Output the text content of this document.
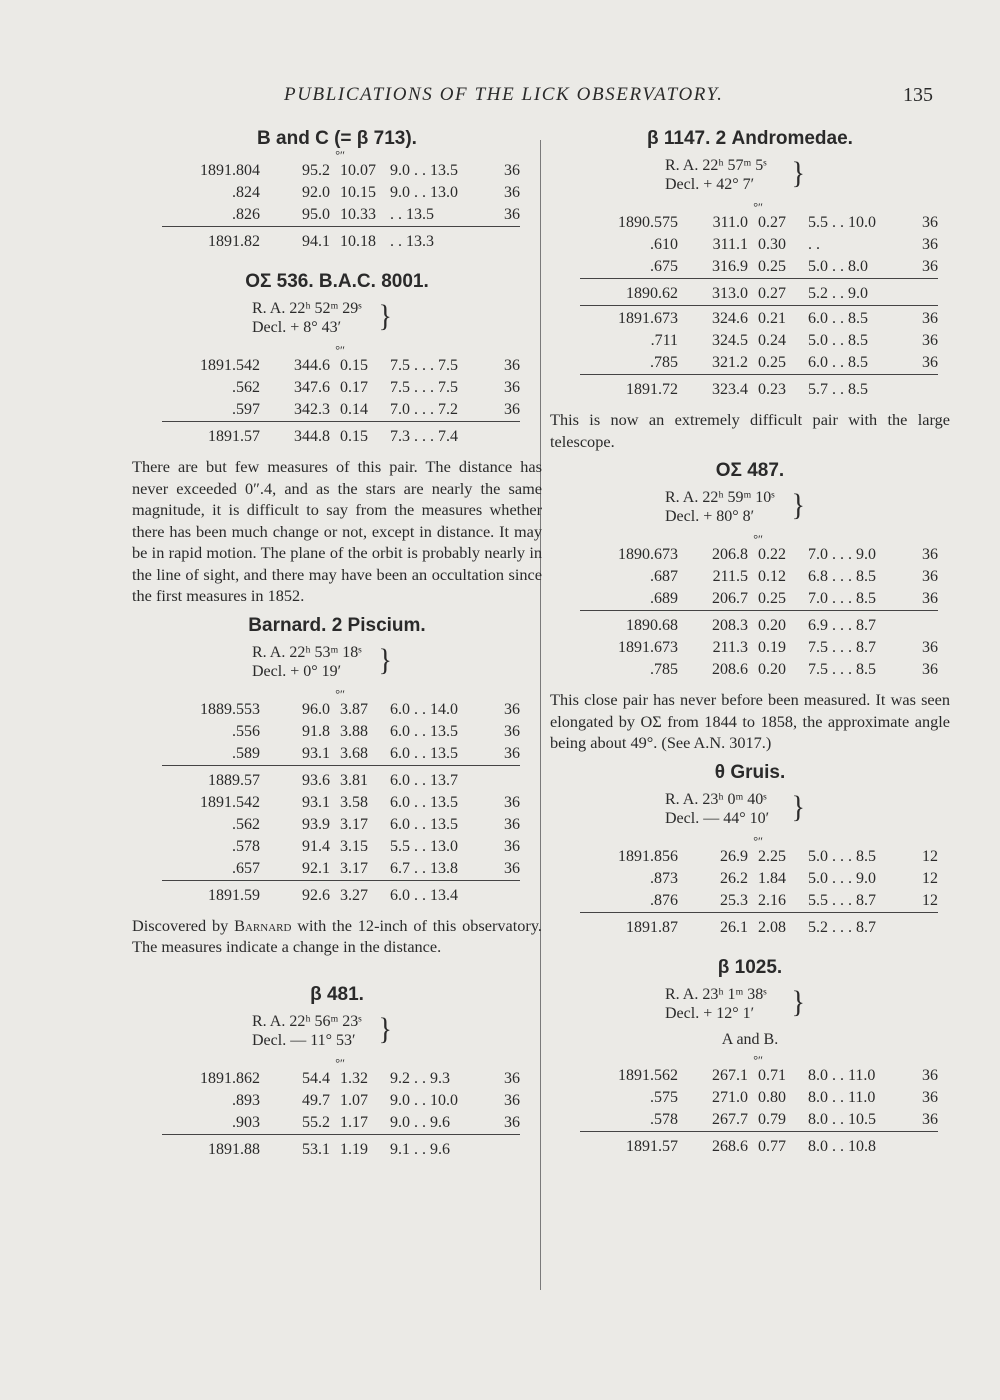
PUBLICATIONS OF THE LICK OBSERVATORY.	135
B and C (= β 713).
	°	″		
1891.804	95.2	10.07	9.0 . . 13.5	36
.824	92.0	10.15	9.0 . . 13.0	36
.826	95.0	10.33	. . 13.5	36

1891.82	94.1	10.18	. . 13.3	
OΣ 536. B.A.C. 8001.
R. A. 22ʰ 52ᵐ 29ˢ
Decl. + 8° 43′	}
	°	″		
1891.542	344.6	0.15	7.5 . . . 7.5	36
.562	347.6	0.17	7.5 . . . 7.5	36
.597	342.3	0.14	7.0 . . . 7.2	36

1891.57	344.8	0.15	7.3 . . . 7.4	

There are but few measures of this pair. The distance has never exceeded 0″.4, and as the stars are nearly the same magnitude, it is difficult to say from the measures whether there has been much change or not, except in distance. It may be in rapid motion. The plane of the orbit is probably nearly in the line of sight, and there may have been an occultation since the first measures in 1852.

Barnard. 2 Piscium.
R. A. 22ʰ 53ᵐ 18ˢ
Decl. + 0° 19′	}
	°	″		
1889.553	96.0	3.87	6.0 . . 14.0	36
.556	91.8	3.88	6.0 . . 13.5	36
.589	93.1	3.68	6.0 . . 13.5	36

1889.57	93.6	3.81	6.0 . . 13.7	
1891.542	93.1	3.58	6.0 . . 13.5	36
.562	93.9	3.17	6.0 . . 13.5	36
.578	91.4	3.15	5.5 . . 13.0	36
.657	92.1	3.17	6.7 . . 13.8	36

1891.59	92.6	3.27	6.0 . . 13.4	

Discovered by Barnard with the 12-inch of this observatory. The measures indicate a change in the distance.

β 481.
R. A. 22ʰ 56ᵐ 23ˢ
Decl. — 11° 53′ }
	°	″		
1891.862	54.4	1.32	9.2 . . 9.3	36
.893	49.7	1.07	9.0 . . 10.0	36
.903	55.2	1.17	9.0 . . 9.6	36

1891.88	53.1	1.19	9.1 . . 9.6	
β 1147. 2 Andromedae.
R. A. 22ʰ 57ᵐ 5ˢ
Decl. + 42° 7′	}
	°	″		
1890.575	311.0	0.27	5.5 . . 10.0	36
.610	311.1	0.30	. .	36
.675	316.9	0.25	5.0 . . 8.0	36

1890.62	313.0	0.27	5.2 . . 9.0	

1891.673	324.6	0.21	6.0 . . 8.5	36
.711	324.5	0.24	5.0 . . 8.5	36
.785	321.2	0.25	6.0 . . 8.5	36

1891.72	323.4	0.23	5.7 . . 8.5	

This is now an extremely difficult pair with the large telescope.

OΣ 487.
R. A. 22ʰ 59ᵐ 10ˢ
Decl. + 80° 8′	}
	°	″		
1890.673	206.8	0.22	7.0 . . . 9.0	36
.687	211.5	0.12	6.8 . . . 8.5	36
.689	206.7	0.25	7.0 . . . 8.5	36

1890.68	208.3	0.20	6.9 . . . 8.7	
1891.673	211.3	0.19	7.5 . . . 8.7	36
.785	208.6	0.20	7.5 . . . 8.5	36

This close pair has never before been measured. It was seen elongated by OΣ from 1844 to 1858, the approximate angle being about 49°. (See A.N. 3017.)

θ Gruis.
R. A. 23ʰ 0ᵐ 40ˢ
Decl. — 44° 10′ }
	°	″		
1891.856	26.9	2.25	5.0 . . . 8.5	12
.873	26.2	1.84	5.0 . . . 9.0	12
.876	25.3	2.16	5.5 . . . 8.7	12

1891.87	26.1	2.08	5.2 . . . 8.7	
β 1025.
R. A. 23ʰ 1ᵐ 38ˢ
Decl. + 12° 1′	}
A and B.
	°	″		
1891.562	267.1	0.71	8.0 . . 11.0	36
.575	271.0	0.80	8.0 . . 11.0	36
.578	267.7	0.79	8.0 . . 10.5	36

1891.57	268.6	0.77	8.0 . . 10.8	
